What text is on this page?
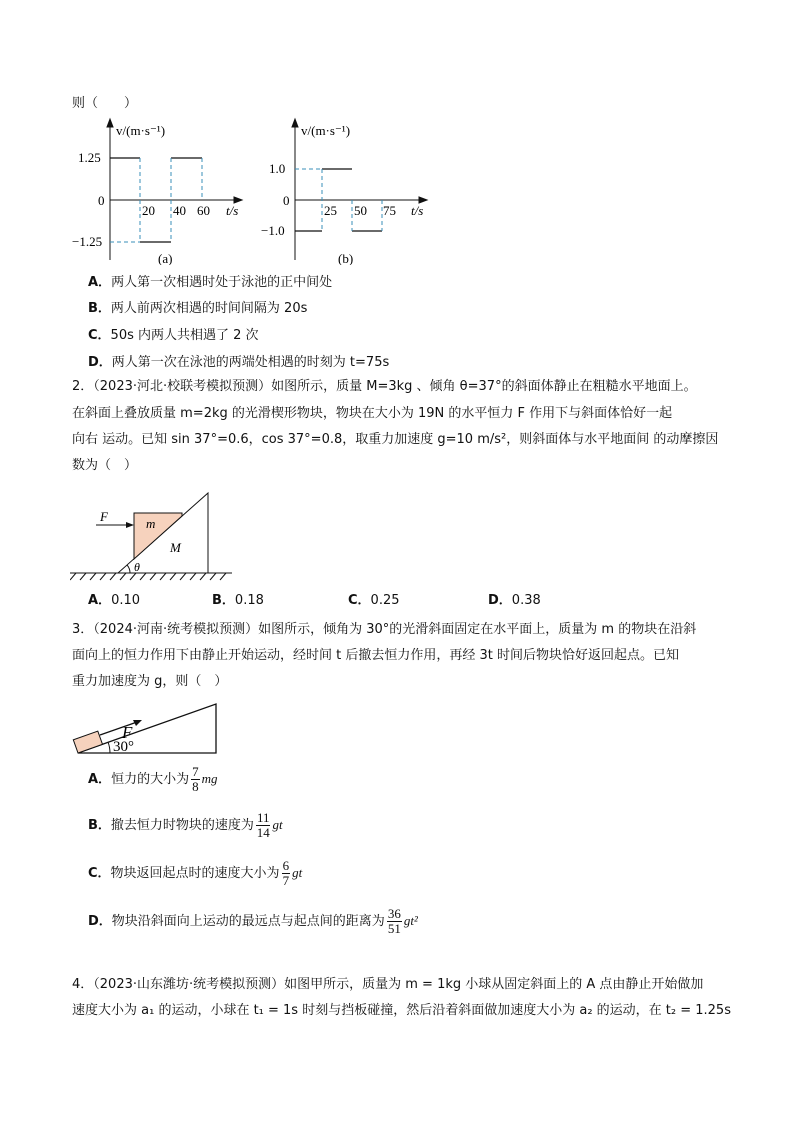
则（　　）
v/(m·s⁻¹)
1.25
0
−1.25
20 40 60 t/s
(a)
v/(m·s⁻¹)
1.0
0
−1.0
25 50 75 t/s
(b)
A．两人第一次相遇时处于泳池的正中间处
B．两人前两次相遇的时间间隔为 20s
C．50s 内两人共相遇了 2 次
D．两人第一次在泳池的两端处相遇的时刻为 t=75s
2．（2023·河北·校联考模拟预测）如图所示，质量 M=3kg 、倾角 θ=37°的斜面体静止在粗糙水平地面上。
在斜面上叠放质量 m=2kg 的光滑楔形物块，物块在大小为 19N 的水平恒力 F 作用下与斜面体恰好一起
向右 运动。已知 sin 37°=0.6，cos 37°=0.8，取重力加速度 g=10 m/s²，则斜面体与水平地面间 的动摩擦因
数为（　）
F	m
M
θ
A．0.10	B．0.18	C．0.25	D．0.38
3．（2024·河南·统考模拟预测）如图所示，倾角为 30°的光滑斜面固定在水平面上，质量为 m 的物块在沿斜
面向上的恒力作用下由静止开始运动，经时间 t 后撤去恒力作用，再经 3t 时间后物块恰好返回起点。已知
重力加速度为 g，则（　）
F
30°
A．恒力的大小为 $\frac{7}{8}$ mg
B．撤去恒力时物块的速度为 $\frac{11}{14}$ gt
C．物块返回起点时的速度大小为 $\frac{6}{7}$ gt
D．物块沿斜面向上运动的最远点与起点间的距离为 $\frac{36}{51} gt^2$
4．（2023·山东潍坊·统考模拟预测）如图甲所示，质量为 m = 1kg 小球从固定斜面上的 A 点由静止开始做加
速度大小为 a₁ 的运动，小球在 t₁ = 1s 时刻与挡板碰撞，然后沿着斜面做加速度大小为 a₂ 的运动，在 t₂ = 1.25s
